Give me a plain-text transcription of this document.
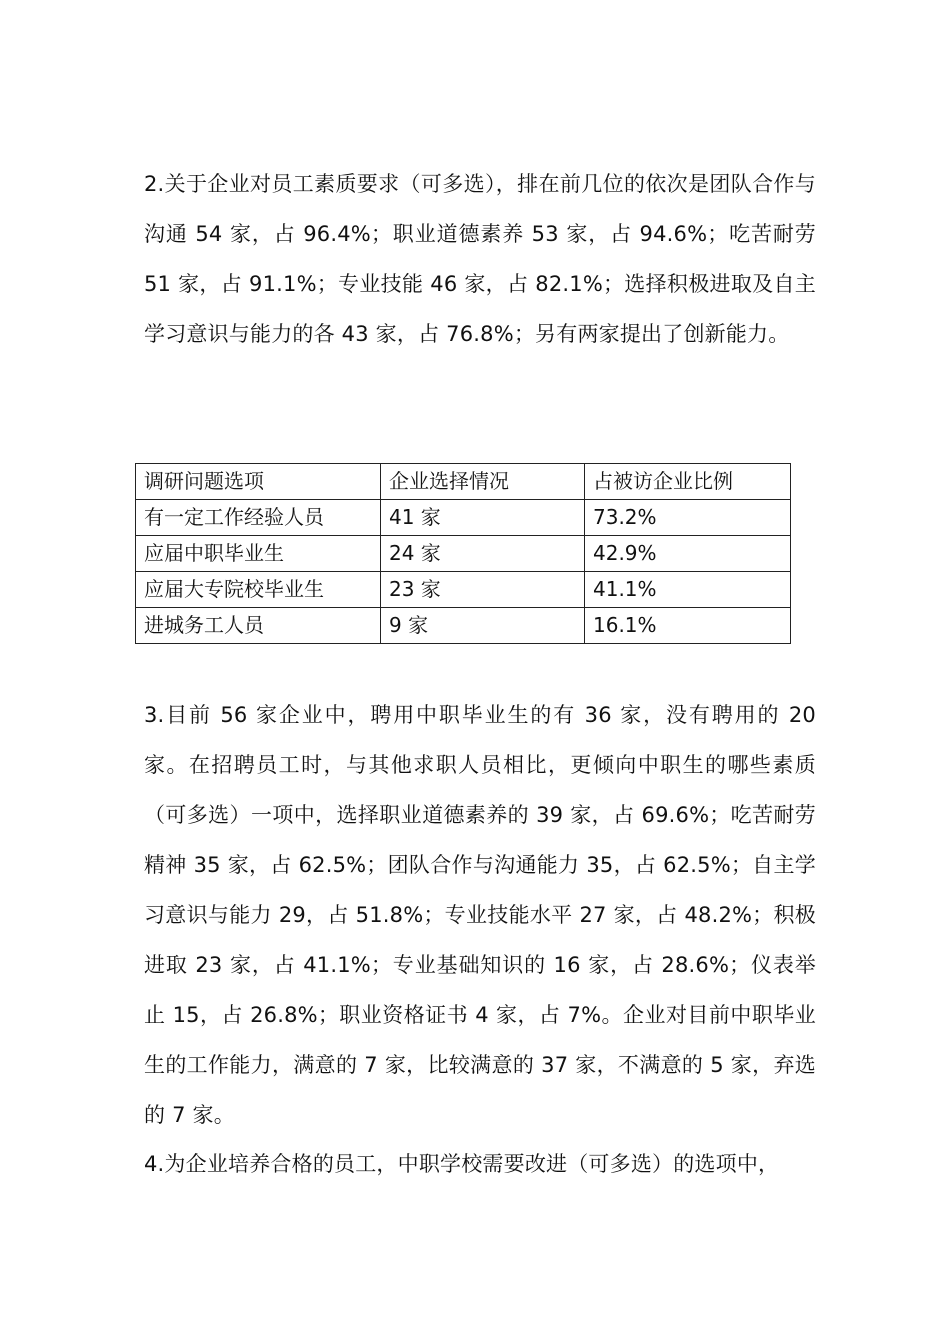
2.关于企业对员工素质要求（可多选），排在前几位的依次是团队合作与沟通 54 家，占 96.4%；职业道德素养 53 家，占 94.6%；吃苦耐劳 51 家，占 91.1%；专业技能 46 家，占 82.1%；选择积极进取及自主学习意识与能力的各 43 家，占 76.8%；另有两家提出了创新能力。

调研问题选项	企业选择情况	占被访企业比例
有一定工作经验人员	41 家	73.2%
应届中职毕业生	24 家	42.9%
应届大专院校毕业生	23 家	41.1%
进城务工人员	9 家	16.1%

3.目前 56 家企业中，聘用中职毕业生的有 36 家，没有聘用的 20 家。在招聘员工时，与其他求职人员相比，更倾向中职生的哪些素质（可多选）一项中，选择职业道德素养的 39 家，占 69.6%；吃苦耐劳精神 35 家，占 62.5%；团队合作与沟通能力 35，占 62.5%；自主学习意识与能力 29，占 51.8%；专业技能水平 27 家，占 48.2%；积极进取 23 家，占 41.1%；专业基础知识的 16 家，占 28.6%；仪表举止 15，占 26.8%；职业资格证书 4 家，占 7%。企业对目前中职毕业生的工作能力，满意的 7 家，比较满意的 37 家，不满意的 5 家，弃选的 7 家。

4.为企业培养合格的员工，中职学校需要改进（可多选）的选项中，
